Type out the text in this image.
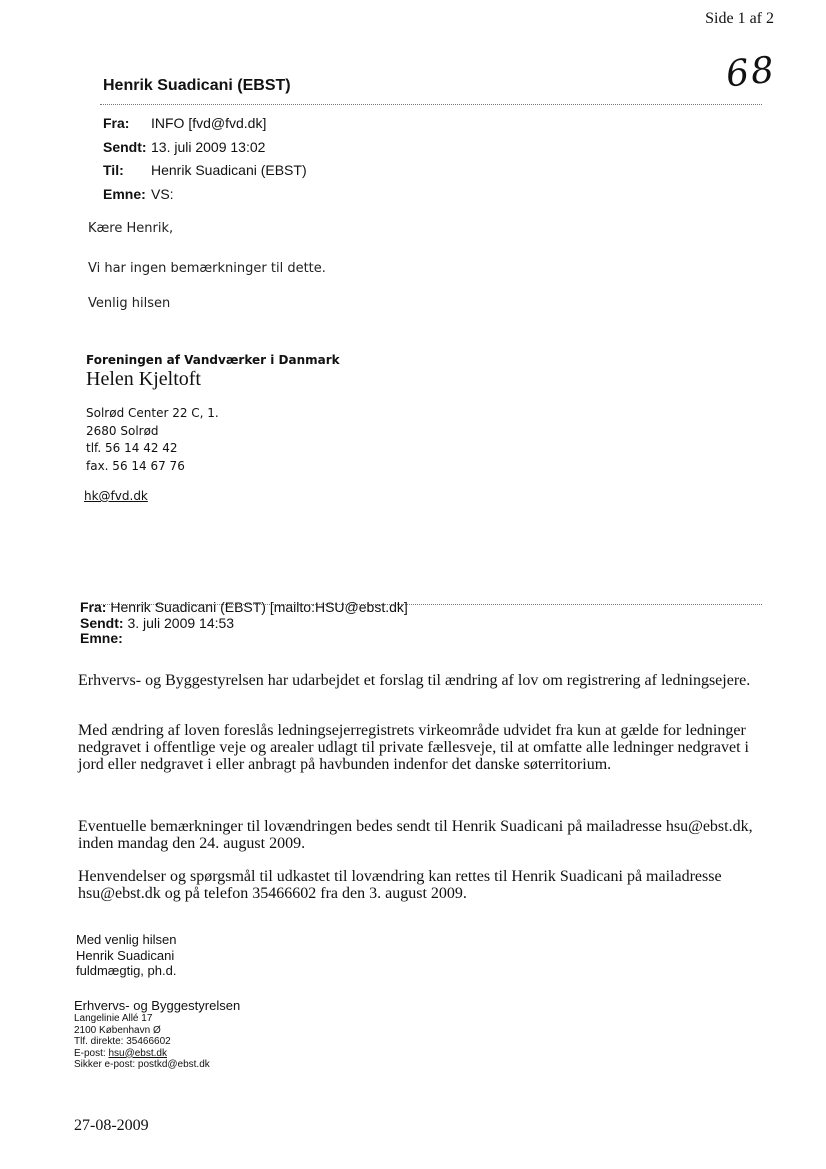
Side 1 af 2
68
Henrik Suadicani (EBST)
Fra:	INFO [fvd@fvd.dk]
Sendt: 13. juli 2009 13:02
Til:	Henrik Suadicani (EBST)
Emne: VS:
Kære Henrik,
Vi har ingen bemærkninger til dette.
Venlig hilsen
Foreningen af Vandværker i Danmark
Helen Kjeltoft
Solrød Center 22 C, 1.
2680 Solrød
tlf. 56 14 42 42
fax. 56 14 67 76
hk@fvd.dk
Fra: Henrik Suadicani (EBST) [mailto:HSU@ebst.dk]
Sendt: 3. juli 2009 14:53
Emne:
Erhvervs- og Byggestyrelsen har udarbejdet et forslag til ændring af lov om registrering af ledningsejere.
Med ændring af loven foreslås ledningsejerregistrets virkeområde udvidet fra kun at gælde for ledninger nedgravet i offentlige veje og arealer udlagt til private fællesveje, til at omfatte alle ledninger nedgravet i jord eller nedgravet i eller anbragt på havbunden indenfor det danske søterritorium.
Eventuelle bemærkninger til lovændringen bedes sendt til Henrik Suadicani på mailadresse hsu@ebst.dk, inden mandag den 24. august 2009.
Henvendelser og spørgsmål til udkastet til lovændring kan rettes til Henrik Suadicani på mailadresse hsu@ebst.dk og på telefon 35466602 fra den 3. august 2009.
Med venlig hilsen
Henrik Suadicani
fuldmægtig, ph.d.
Erhvervs- og Byggestyrelsen
Langelinie Allé 17
2100 København Ø
Tlf. direkte: 35466602
E-post: hsu@ebst.dk
Sikker e-post: postkd@ebst.dk
27-08-2009
